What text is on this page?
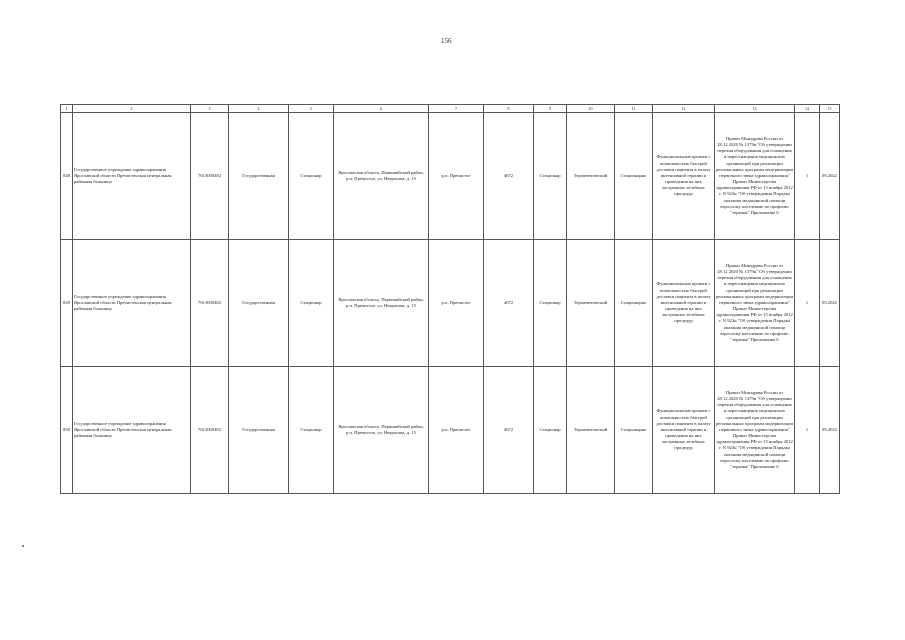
156
1	2	3	4	5	6	7	8	9	10	11	12	13	14	15
848	Государственное учреждение здравоохранения Ярославской области Пречистенская центральная районная больница	7613000482	Государственная	Стационар	Ярославская область, Первомайский район, р.п. Пречистое, ул. Некрасова, д. 15	р.п. Пречистое	4672	Стационар	Терапевтический	Стационарно	Функциональные кровати с возможностью быстрой доставки пациента в палату интенсивной терапии и проведения на них экстренных лечебных процедур	Приказ Минздрава России от 28.12.2020 № 1379н "Об утверждении перечня оборудования для оснащения и переоснащения медицинских организаций при реализации региональных программ модернизации первичного звена здравоохранения" Приказ Министерства здравоохранения РФ от 15 ноября 2012 г. N 923н "Об утверждении Порядка оказания медицинской помощи взрослому населению по профилю "терапия" Приложение 6	1	09.2022
849	Государственное учреждение здравоохранения Ярославской области Пречистенская центральная районная больница	7613000482	Государственная	Стационар	Ярославская область, Первомайский район, р.п. Пречистое, ул. Некрасова, д. 15	р.п. Пречистое	4672	Стационар	Терапевтический	Стационарно	Функциональные кровати с возможностью быстрой доставки пациента в палату интенсивной терапии и проведения на них экстренных лечебных процедур	Приказ Минздрава России от 28.12.2020 № 1379н "Об утверждении перечня оборудования для оснащения и переоснащения медицинских организаций при реализации региональных программ модернизации первичного звена здравоохранения" Приказ Министерства здравоохранения РФ от 15 ноября 2012 г. N 923н "Об утверждении Порядка оказания медицинской помощи взрослому населению по профилю "терапия" Приложение 6	1	09.2022
850	Государственное учреждение здравоохранения Ярославской области Пречистенская центральная районная больница	7613000482	Государственная	Стационар	Ярославская область, Первомайский район, р.п. Пречистое, ул. Некрасова, д. 15	р.п. Пречистое	4672	Стационар	Терапевтический	Стационарно	Функциональные кровати с возможностью быстрой доставки пациента в палату интенсивной терапии и проведения на них экстренных лечебных процедур	Приказ Минздрава России от 28.12.2020 № 1379н "Об утверждении перечня оборудования для оснащения и переоснащения медицинских организаций при реализации региональных программ модернизации первичного звена здравоохранения" Приказ Министерства здравоохранения РФ от 15 ноября 2012 г. N 923н "Об утверждении Порядка оказания медицинской помощи взрослому населению по профилю "терапия" Приложение 6	1	09.2022
